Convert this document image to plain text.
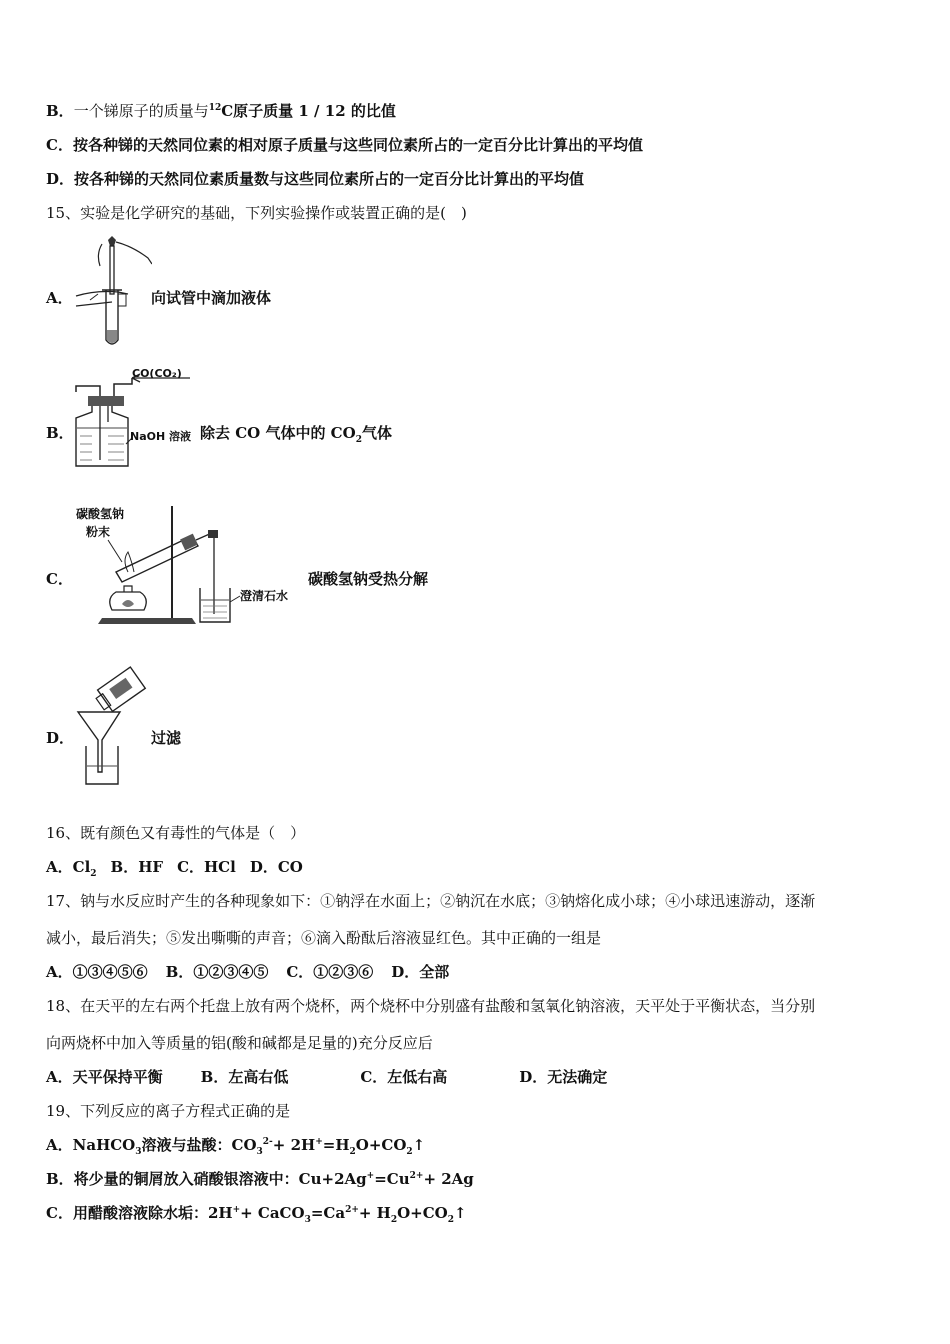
B．一个锑原子的质量与$^{12}$C原子质量 1 / 12 的比值
C．按各种锑的天然同位素的相对原子质量与这些同位素所占的一定百分比计算出的平均值
D．按各种锑的天然同位素质量数与这些同位素所占的一定百分比计算出的平均值
15、实验是化学研究的基础，下列实验操作或装置正确的是(　)
A．	向试管中滴加液体
B．
CO(CO₂)
NaOH 溶液 除去 CO 气体中的 $CO_2$气体
C．
碳酸氢钠
粉末
澄清石水
碳酸氢钠受热分解
D．	过滤
16、既有颜色又有毒性的气体是（　）
A．$Cl_2$ B．HF C．HCl D．CO
17、钠与水反应时产生的各种现象如下：①钠浮在水面上；②钠沉在水底；③钠熔化成小球；④小球迅速游动，逐渐
减小，最后消失；⑤发出嘶嘶的声音；⑥滴入酚酞后溶液显红色。其中正确的一组是
A．①③④⑤⑥ B．①②③④⑤ C．①②③⑥ D．全部
18、在天平的左右两个托盘上放有两个烧杯，两个烧杯中分别盛有盐酸和氢氧化钠溶液，天平处于平衡状态，当分别
向两烧杯中加入等质量的铝(酸和碱都是足量的)充分反应后
A．天平保持平衡	B．左高右低	C．左低右高	D．无法确定
19、下列反应的离子方程式正确的是
A．NaHCO$_3$溶液与盐酸：$CO_3^{2-}+$ $2H^+=H_2O+CO_2↑$
B．将少量的铜屑放入硝酸银溶液中：$Cu+2Ag^+=Cu^{2+}+ 2Ag$
C．用醋酸溶液除水垢：$2H^++ CaCO_3=Ca^{2+}+$ $H_2O+CO_2↑$
